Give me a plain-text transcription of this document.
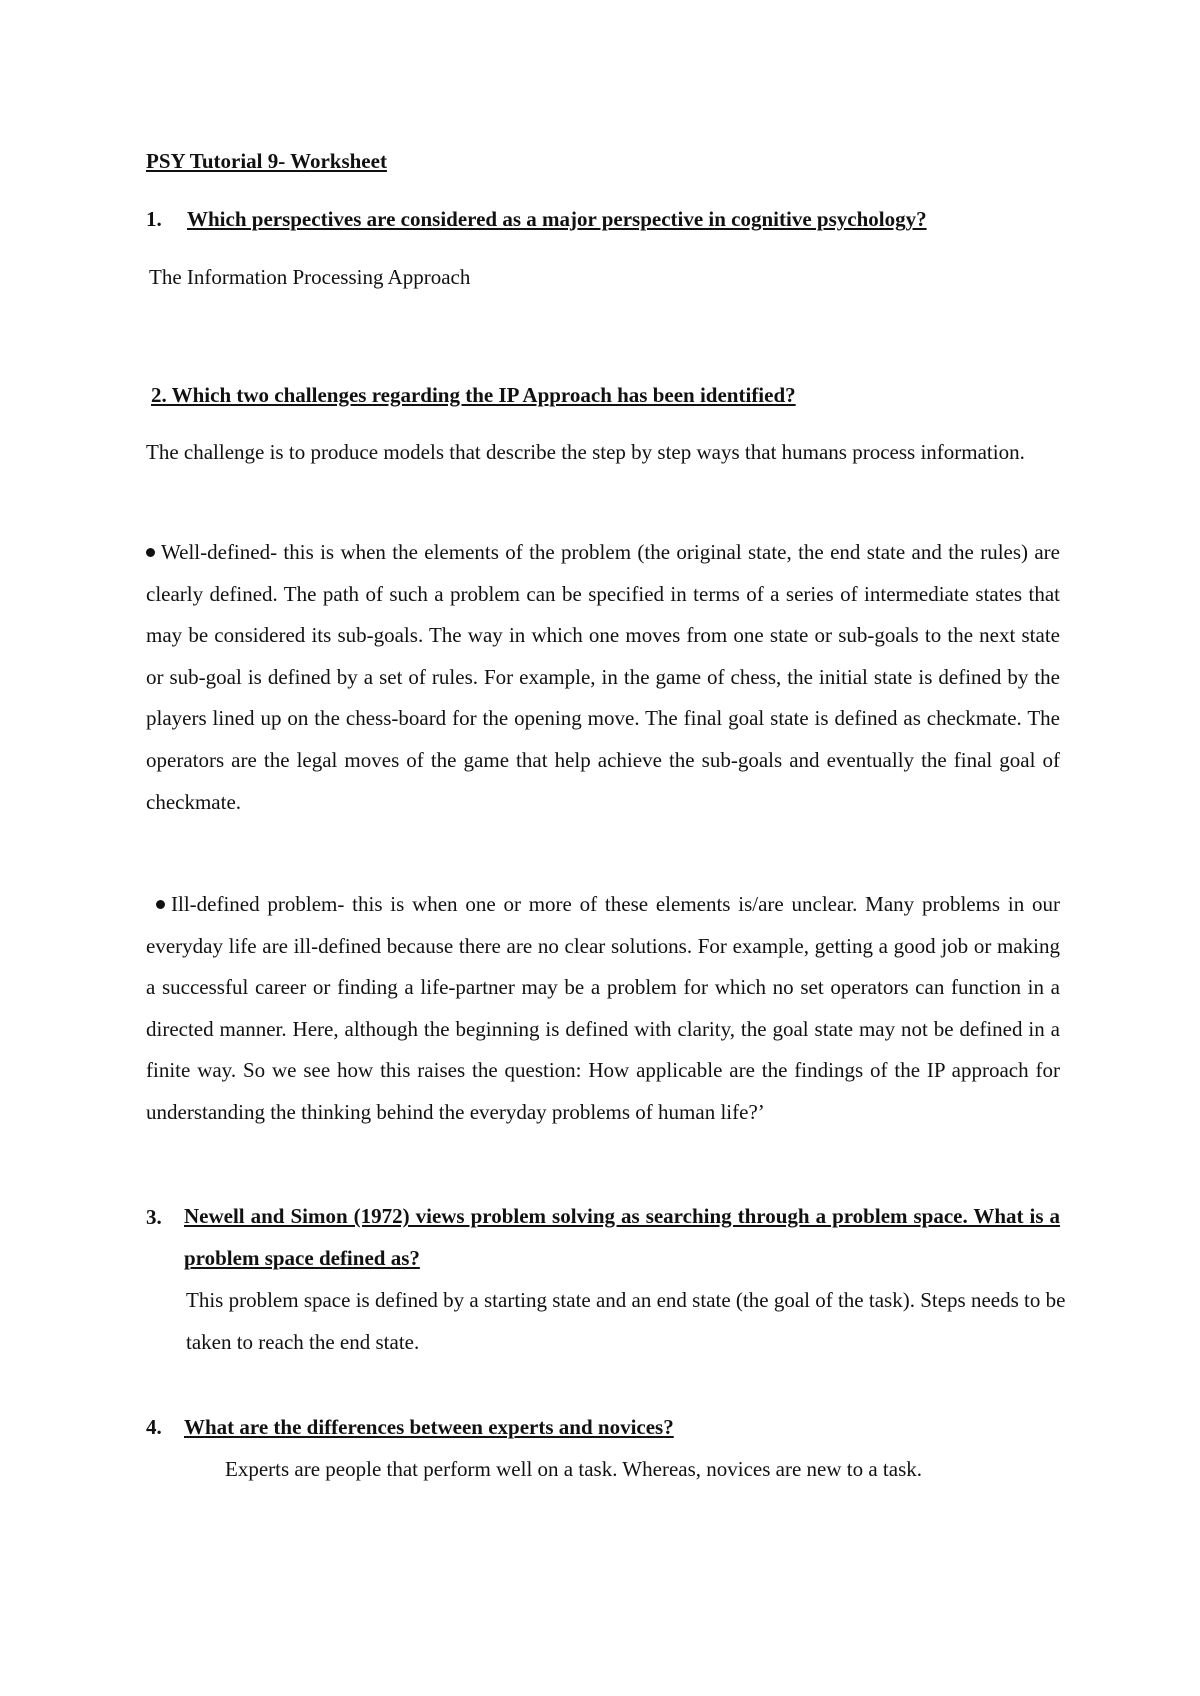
PSY Tutorial 9- Worksheet
1. Which perspectives are considered as a major perspective in cognitive psychology?
The Information Processing Approach
2. Which two challenges regarding the IP Approach has been identified?
The challenge is to produce models that describe the step by step ways that humans process information.
Well-defined- this is when the elements of the problem (the original state, the end state and the rules) are clearly defined. The path of such a problem can be specified in terms of a series of intermediate states that may be considered its sub-goals. The way in which one moves from one state or sub-goals to the next state or sub-goal is defined by a set of rules. For example, in the game of chess, the initial state is defined by the players lined up on the chess-board for the opening move. The final goal state is defined as checkmate. The operators are the legal moves of the game that help achieve the sub-goals and eventually the final goal of checkmate.
Ill-defined problem- this is when one or more of these elements is/are unclear. Many problems in our everyday life are ill-defined because there are no clear solutions. For example, getting a good job or making a successful career or finding a life-partner may be a problem for which no set operators can function in a directed manner. Here, although the beginning is defined with clarity, the goal state may not be defined in a finite way. So we see how this raises the question: How applicable are the findings of the IP approach for understanding the thinking behind the everyday problems of human life?’
3. Newell and Simon (1972) views problem solving as searching through a problem space. What is a problem space defined as?
This problem space is defined by a starting state and an end state (the goal of the task). Steps needs to be taken to reach the end state.
4. What are the differences between experts and novices?
Experts are people that perform well on a task. Whereas, novices are new to a task.
